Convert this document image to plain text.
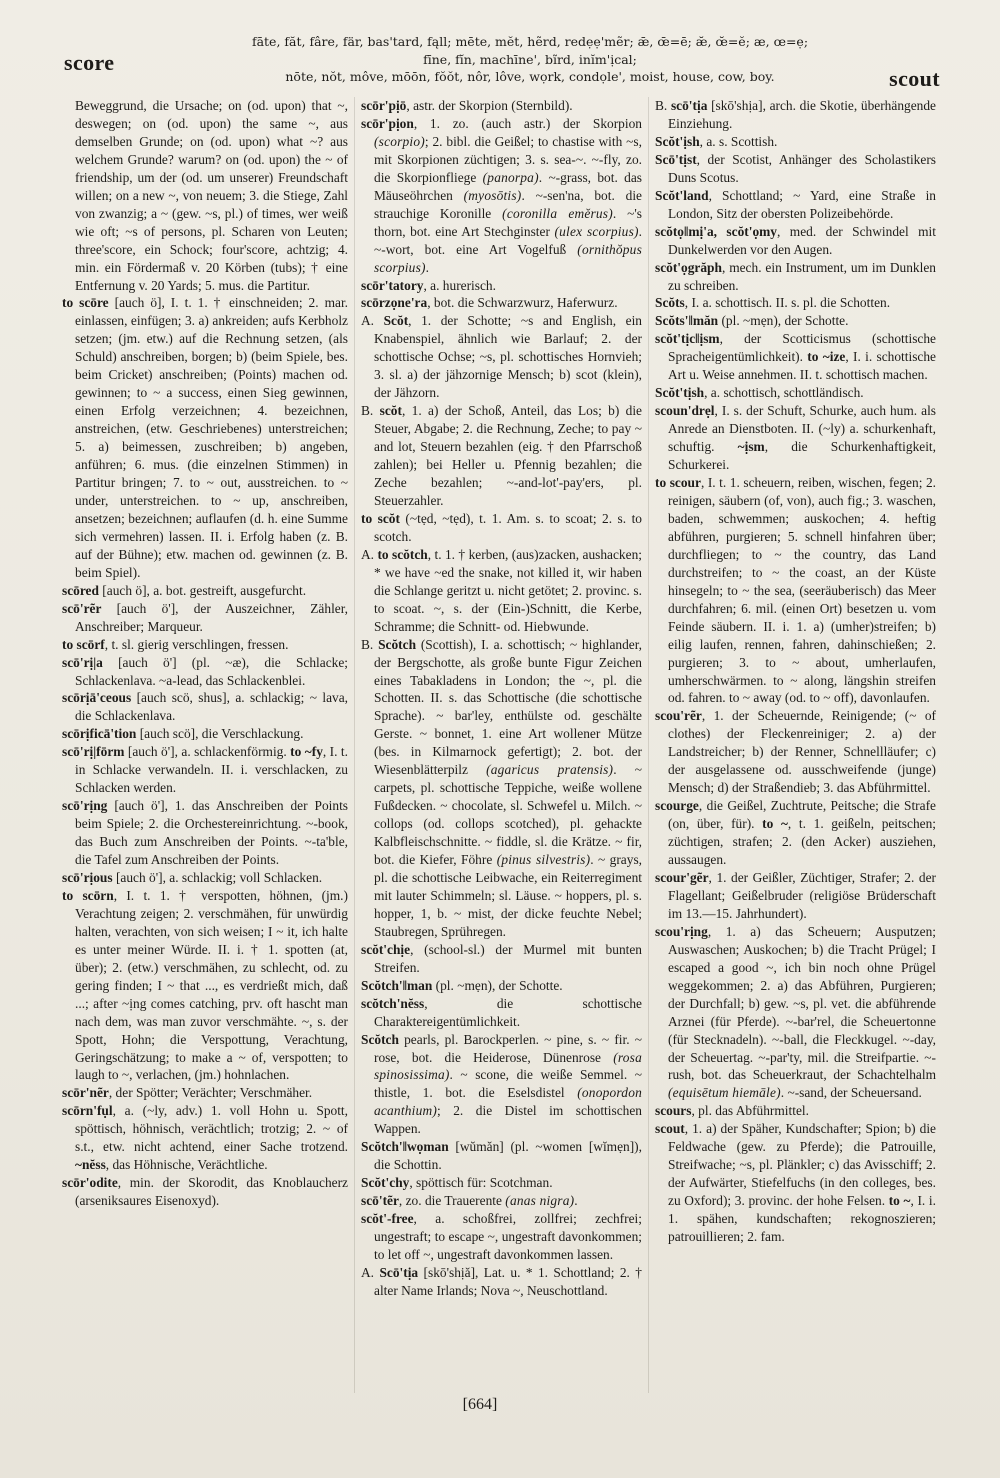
score
fāte, făt, fâre, fär, bas'tard, fąll; mēte, mĕt, hẽrd, redẹẹ'mẽr; ǣ, œ̄=ē; æ̆, œ̆=ĕ; æ, œ=ẹ;
fīne, fĭn, machīne', bĩrd, inĭm'ịcal;
nōte, nŏt, môve, mōōn, fŏŏt, nôr, lôve, wọrk, condọle', moist, house, cow, boy.	scout

Beweggrund, die Ursache; on (od. upon) that ~, deswegen; on (od. upon) the same ~, aus demselben Grunde; on (od. upon) what ~? aus welchem Grunde? warum? on (od. upon) the ~ of friendship, um der (od. um unserer) Freundschaft willen; on a new ~, von neuem; 3. die Stiege, Zahl von zwanzig; a ~ (gew. ~s, pl.) of times, wer weiß wie oft; ~s of persons, pl. Scharen von Leuten; three'score, ein Schock; four'score, achtzig; 4. min. ein Fördermaß v. 20 Körben (tubs); † eine Entfernung v. 20 Yards; 5. mus. die Partitur.

to scōre [auch ö], I. t. 1. † einschneiden; 2. mar. einlassen, einfügen; 3. a) ankreiden; aufs Kerbholz setzen; (jm. etw.) auf die Rechnung setzen, (als Schuld) anschreiben, borgen; b) (beim Spiele, bes. beim Cricket) anschreiben; (Points) machen od. gewinnen; to ~ a success, einen Sieg gewinnen, einen Erfolg verzeichnen; 4. bezeichnen, anstreichen, (etw. Geschriebenes) unterstreichen; 5. a) beimessen, zuschreiben; b) angeben, anführen; 6. mus. (die einzelnen Stimmen) in Partitur bringen; 7. to ~ out, ausstreichen. to ~ under, unterstreichen. to ~ up, anschreiben, ansetzen; bezeichnen; auflaufen (d. h. eine Summe sich vermehren) lassen. II. i. Erfolg haben (z. B. auf der Bühne); etw. machen od. gewinnen (z. B. beim Spiel).

scōred [auch ö], a. bot. gestreift, ausgefurcht.

scō'rẽr [auch ö'], der Auszeichner, Zähler, Anschreiber; Marqueur.

to scōrf, t. sl. gierig verschlingen, fressen.

scō'rị|a [auch ö'] (pl. ~æ), die Schlacke; Schlackenlava. ~a-lead, das Schlackenblei.

scōrịā'ceous [auch scö, shus], a. schlackig; ~ lava, die Schlackenlava.

scōrịficā'tion [auch scö], die Verschlackung.

scō'rị|fōrm [auch ö'], a. schlackenförmig. to ~fy, I. t. in Schlacke verwandeln. II. i. verschlacken, zu Schlacken werden.

scō'rịng [auch ö'], 1. das Anschreiben der Points beim Spiele; 2. die Orchestereinrichtung. ~-book, das Buch zum Anschreiben der Points. ~-ta'ble, die Tafel zum Anschreiben der Points.

scō'rịous [auch ö'], a. schlackig; voll Schlacken.

to scōrn, I. t. 1. † verspotten, höhnen, (jm.) Verachtung zeigen; 2. verschmähen, für unwürdig halten, verachten, von sich weisen; I ~ it, ich halte es unter meiner Würde. II. i. † 1. spotten (at, über); 2. (etw.) verschmähen, zu schlecht, od. zu gering finden; I ~ that ..., es verdrießt mich, daß ...; after ~ịng comes catching, prv. oft hascht man nach dem, was man zuvor verschmähte. ~, s. der Spott, Hohn; die Verspottung, Verachtung, Geringschätzung; to make a ~ of, verspotten; to laugh to ~, verlachen, (jm.) hohnlachen.

scōr'nẽr, der Spötter; Verächter; Verschmäher.

scōrn'fụl, a. (~ly, adv.) 1. voll Hohn u. Spott, spöttisch, höhnisch, verächtlich; trotzig; 2. ~ of s.t., etw. nicht achtend, einer Sache trotzend. ~nĕss, das Höhnische, Verächtliche.

scōr'odite, min. der Skorodit, das Knoblaucherz (arseniksaures Eisenoxyd).

scōr'pịō, astr. der Skorpion (Sternbild).

scōr'pịon, 1. zo. (auch astr.) der Skorpion (scorpio); 2. bibl. die Geißel; to chastise with ~s, mit Skorpionen züchtigen; 3. s. sea-~. ~-fly, zo. die Skorpionfliege (panorpa). ~-grass, bot. das Mäuseöhrchen (myosōtis). ~-sen'na, bot. die strauchige Koronille (coronilla emĕrus). ~'s thorn, bot. eine Art Stechginster (ulex scorpius). ~-wort, bot. eine Art Vogelfuß (ornithŏpus scorpius).

scōr'tatory, a. hurerisch.

scōrzọne'ra, bot. die Schwarzwurz, Haferwurz.

A. Scŏt, 1. der Schotte; ~s and English, ein Knabenspiel, ähnlich wie Barlauf; 2. der schottische Ochse; ~s, pl. schottisches Hornvieh; 3. sl. a) der jähzornige Mensch; b) scot (klein), der Jähzorn.

B. scŏt, 1. a) der Schoß, Anteil, das Los; b) die Steuer, Abgabe; 2. die Rechnung, Zeche; to pay ~ and lot, Steuern bezahlen (eig. † den Pfarrschoß zahlen); bei Heller u. Pfennig bezahlen; die Zeche bezahlen; ~-and-lot'-pay'ers, pl. Steuerzahler.

to scŏt (~tẹd, ~tẹd), t. 1. Am. s. to scoat; 2. s. to scotch.

A. to scŏtch, t. 1. † kerben, (aus)zacken, aushacken; * we have ~ed the snake, not killed it, wir haben die Schlange geritzt u. nicht getötet; 2. provinc. s. to scoat. ~, s. der (Ein-)Schnitt, die Kerbe, Schramme; die Schnitt- od. Hiebwunde.

B. Scŏtch (Scottish), I. a. schottisch; ~ highlander, der Bergschotte, als große bunte Figur Zeichen eines Tabakladens in London; the ~, pl. die Schotten. II. s. das Schottische (die schottische Sprache). ~ bar'ley, enthülste od. geschälte Gerste. ~ bonnet, 1. eine Art wollener Mütze (bes. in Kilmarnock gefertigt); 2. bot. der Wiesenblätterpilz (agaricus pratensis). ~ carpets, pl. schottische Teppiche, weiße wollene Fußdecken. ~ chocolate, sl. Schwefel u. Milch. ~ collops (od. collops scotched), pl. gehackte Kalbfleischschnitte. ~ fiddle, sl. die Krätze. ~ fir, bot. die Kiefer, Föhre (pinus silvestris). ~ grays, pl. die schottische Leibwache, ein Reiterregiment mit lauter Schimmeln; sl. Läuse. ~ hoppers, pl. s. hopper, 1, b. ~ mist, der dicke feuchte Nebel; Staubregen, Sprühregen.

scŏt'chịe, (school-sl.) der Murmel mit bunten Streifen.

Scŏtch'‖man (pl. ~mẹn), der Schotte.

scŏtch'nĕss, die schottische Charaktereigentümlichkeit.

Scŏtch pearls, pl. Barockperlen. ~ pine, s. ~ fir. ~ rose, bot. die Heiderose, Dünenrose (rosa spinosissima). ~ scone, die weiße Semmel. ~ thistle, 1. bot. die Eselsdistel (onopordon acanthium); 2. die Distel im schottischen Wappen.

Scŏtch'‖wọman [wŭmăn] (pl. ~women [wĭmẹn]), die Schottin.

Scŏt'chy, spöttisch für: Scotchman.

scō'tẽr, zo. die Trauerente (anas nigra).

scŏt'-free, a. schoßfrei, zollfrei; zechfrei; ungestraft; to escape ~, ungestraft davonkommen; to let off ~, ungestraft davonkommen lassen.

A. Scō'tịa [skō'shịă], Lat. u. * 1. Schottland; 2. † alter Name Irlands; Nova ~, Neuschottland.

B. scō'tịa [skō'shịa], arch. die Skotie, überhängende Einziehung.

Scŏt'ịsh, a. s. Scottish.

Scō'tịst, der Scotist, Anhänger des Scholastikers Duns Scotus.

Scŏt'land, Schottland; ~ Yard, eine Straße in London, Sitz der obersten Polizeibehörde.

scŏtọ‖mị'a, scŏt'ọmy, med. der Schwindel mit Dunkelwerden vor den Augen.

scŏt'ọgrăph, mech. ein Instrument, um im Dunklen zu schreiben.

Scŏts, I. a. schottisch. II. s. pl. die Schotten.

Scŏts'‖măn (pl. ~mẹn), der Schotte.

scŏt'tịc‖ịsm, der Scotticismus (schottische Spracheigentümlichkeit). to ~ize, I. i. schottische Art u. Weise annehmen. II. t. schottisch machen.

Scŏt'tịsh, a. schottisch, schottländisch.

scoun'drẹl, I. s. der Schuft, Schurke, auch hum. als Anrede an Dienstboten. II. (~ly) a. schurkenhaft, schuftig. ~ịsm, die Schurkenhaftigkeit, Schurkerei.

to scour, I. t. 1. scheuern, reiben, wischen, fegen; 2. reinigen, säubern (of, von), auch fig.; 3. waschen, baden, schwemmen; auskochen; 4. heftig abführen, purgieren; 5. schnell hinfahren über; durchfliegen; to ~ the country, das Land durchstreifen; to ~ the coast, an der Küste hinsegeln; to ~ the sea, (seeräuberisch) das Meer durchfahren; 6. mil. (einen Ort) besetzen u. vom Feinde säubern. II. i. 1. a) (umher)streifen; b) eilig laufen, rennen, fahren, dahinschießen; 2. purgieren; 3. to ~ about, umherlaufen, umherschwärmen. to ~ along, längshin streifen od. fahren. to ~ away (od. to ~ off), davonlaufen.

scou'rẽr, 1. der Scheuernde, Reinigende; (~ of clothes) der Fleckenreiniger; 2. a) der Landstreicher; b) der Renner, Schnellläufer; c) der ausgelassene od. ausschweifende (junge) Mensch; d) der Straßendieb; 3. das Abführmittel.

scourge, die Geißel, Zuchtrute, Peitsche; die Strafe (on, über, für). to ~, t. 1. geißeln, peitschen; züchtigen, strafen; 2. (den Acker) ausziehen, aussaugen.

scour'gẽr, 1. der Geißler, Züchtiger, Strafer; 2. der Flagellant; Geißelbruder (religiöse Brüderschaft im 13.—15. Jahrhundert).

scou'rịng, 1. a) das Scheuern; Ausputzen; Auswaschen; Auskochen; b) die Tracht Prügel; I escaped a good ~, ich bin noch ohne Prügel weggekommen; 2. a) das Abführen, Purgieren; der Durchfall; b) gew. ~s, pl. vet. die abführende Arznei (für Pferde). ~-bar'rel, die Scheuertonne (für Stecknadeln). ~-ball, die Fleckkugel. ~-day, der Scheuertag. ~-par'ty, mil. die Streifpartie. ~-rush, bot. das Scheuerkraut, der Schachtelhalm (equisētum hiemāle). ~-sand, der Scheuersand.

scours, pl. das Abführmittel.

scout, 1. a) der Späher, Kundschafter; Spion; b) die Feldwache (gew. zu Pferde); die Patrouille, Streifwache; ~s, pl. Plänkler; c) das Avisschiff; 2. der Aufwärter, Stiefelfuchs (in den colleges, bes. zu Oxford); 3. provinc. der hohe Felsen. to ~, I. i. 1. spähen, kundschaften; rekognoszieren; patrouillieren; 2. fam.

[664]
